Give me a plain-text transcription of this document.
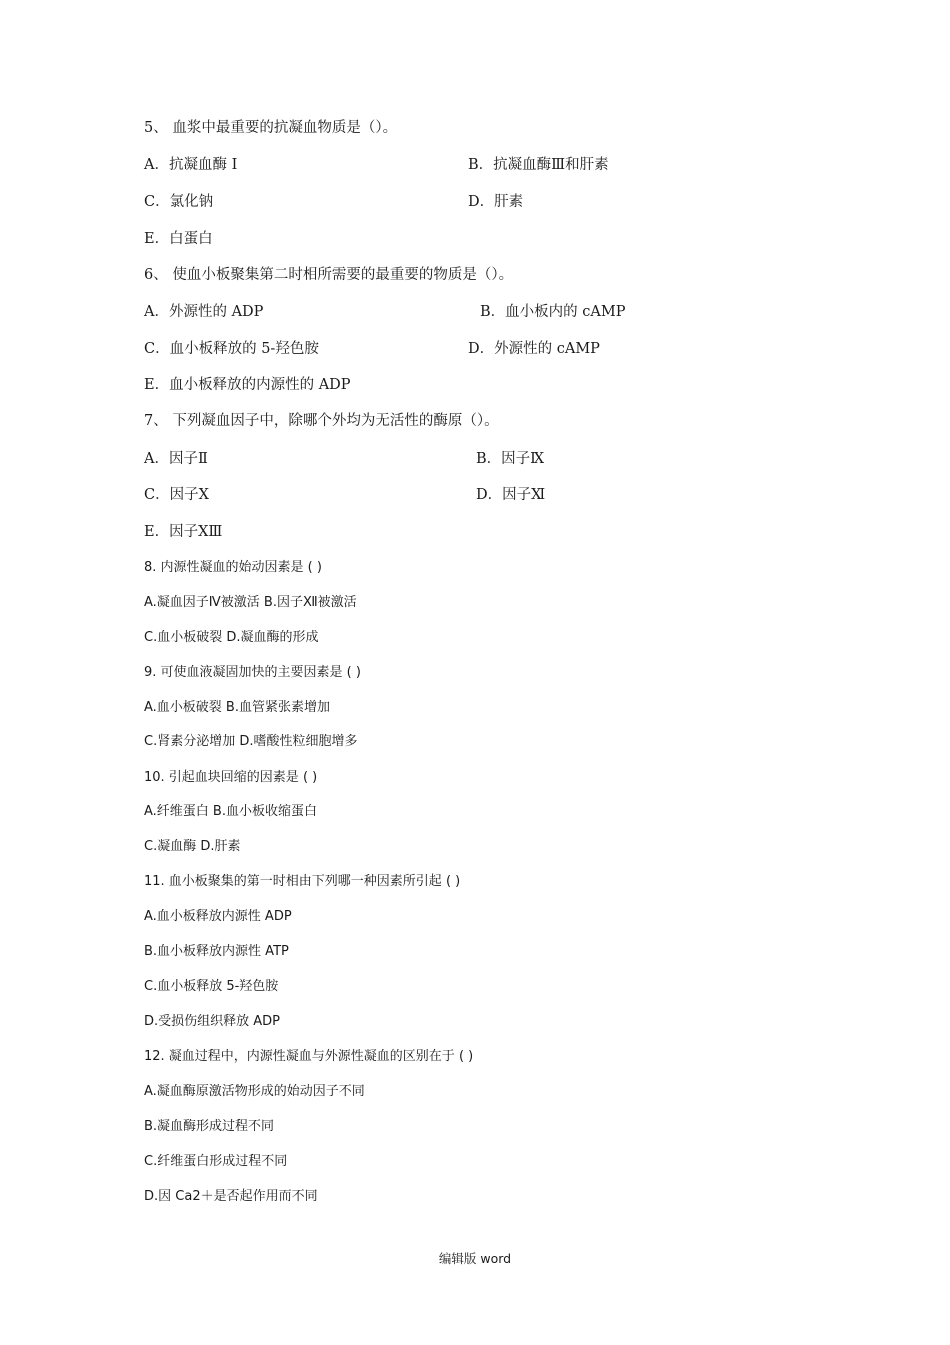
5、 血浆中最重要的抗凝血物质是（）。
A．抗凝血酶 I	B．抗凝血酶Ⅲ和肝素
C．氯化钠	D．肝素
E．白蛋白
6、 使血小板聚集第二时相所需要的最重要的物质是（）。
A．外源性的 ADP	B．血小板内的 cAMP
C．血小板释放的 5-羟色胺	D．外源性的 cAMP
E．血小板释放的内源性的 ADP
7、 下列凝血因子中，除哪个外均为无活性的酶原（）。
A．因子Ⅱ	B．因子Ⅸ
C．因子Ⅹ	D．因子Ⅺ
E．因子ⅩⅢ
8. 内源性凝血的始动因素是 ( )
A.凝血因子Ⅳ被激活 B.因子Ⅻ被激活
C.血小板破裂 D.凝血酶的形成
9. 可使血液凝固加快的主要因素是 ( )
A.血小板破裂 B.血管紧张素增加
C.肾素分泌增加 D.嗜酸性粒细胞增多
10. 引起血块回缩的因素是 ( )
A.纤维蛋白 B.血小板收缩蛋白
C.凝血酶 D.肝素
11. 血小板聚集的第一时相由下列哪一种因素所引起 ( )
A.血小板释放内源性 ADP
B.血小板释放内源性 ATP
C.血小板释放 5-羟色胺
D.受损伤组织释放 ADP
12. 凝血过程中，内源性凝血与外源性凝血的区别在于 ( )
A.凝血酶原激活物形成的始动因子不同
B.凝血酶形成过程不同
C.纤维蛋白形成过程不同
D.因 Ca2＋是否起作用而不同
编辑版 word
